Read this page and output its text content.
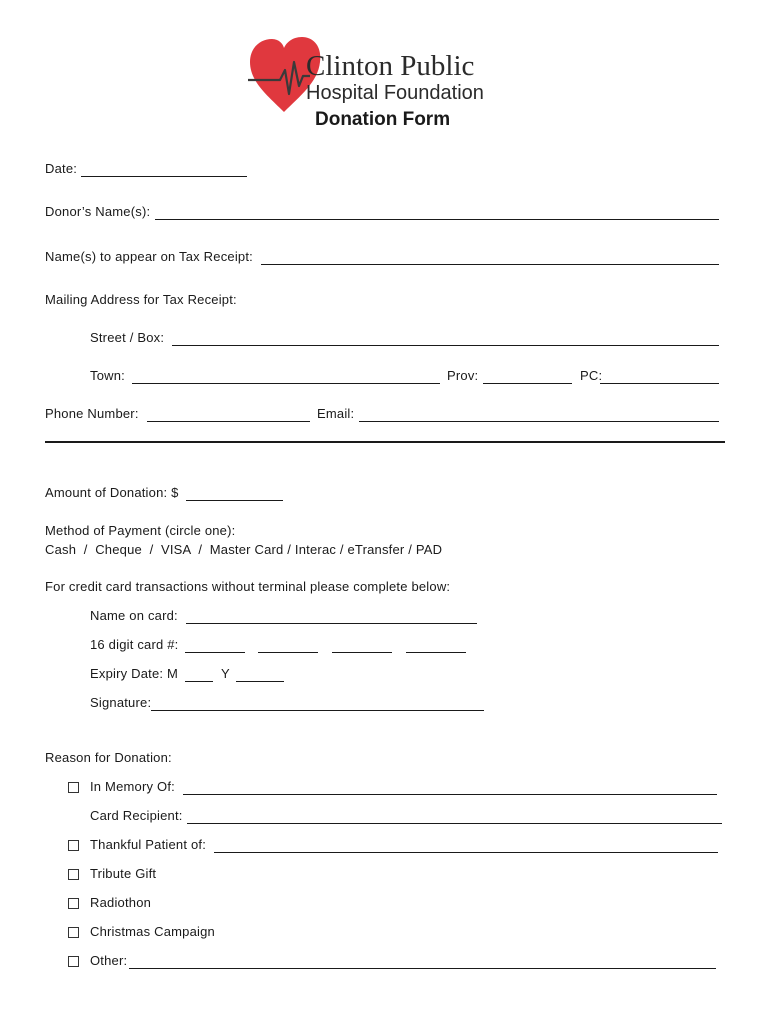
Clinton Public
Hospital Foundation
Donation Form
Date:
Donor’s Name(s):
Name(s) to appear on Tax Receipt:
Mailing Address for Tax Receipt:
Street / Box:
Town:	Prov:	PC:
Phone Number:	Email:
Amount of Donation: $
Method of Payment (circle one):
Cash  /  Cheque  /  VISA  /  Master Card / Interac / eTransfer / PAD
For credit card transactions without terminal please complete below:
Name on card:
16 digit card #:
Expiry Date: M	Y
Signature:
Reason for Donation:
In Memory Of:
Card Recipient:
Thankful Patient of:
Tribute Gift
Radiothon
Christmas Campaign
Other:
